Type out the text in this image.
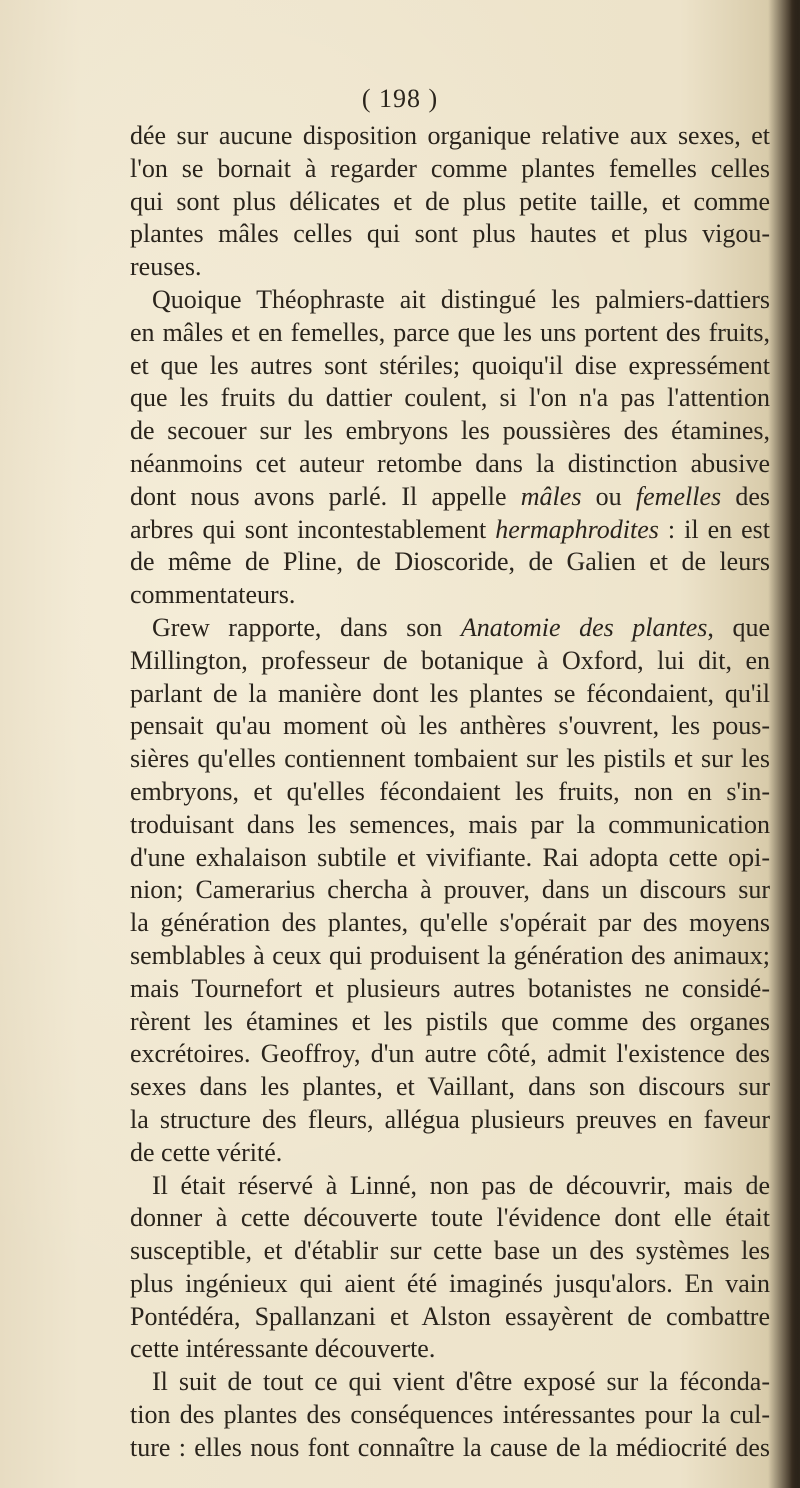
( 198 )
dée sur aucune disposition organique relative aux sexes, et
l'on se bornait à regarder comme plantes femelles celles
qui sont plus délicates et de plus petite taille, et comme
plantes mâles celles qui sont plus hautes et plus vigou-
reuses.
Quoique Théophraste ait distingué les palmiers-dattiers
en mâles et en femelles, parce que les uns portent des fruits,
et que les autres sont stériles; quoiqu'il dise expressément
que les fruits du dattier coulent, si l'on n'a pas l'attention
de secouer sur les embryons les poussières des étamines,
néanmoins cet auteur retombe dans la distinction abusive
dont nous avons parlé. Il appelle mâles ou femelles des
arbres qui sont incontestablement hermaphrodites : il en est
de même de Pline, de Dioscoride, de Galien et de leurs
commentateurs.
Grew rapporte, dans son Anatomie des plantes, que
Millington, professeur de botanique à Oxford, lui dit, en
parlant de la manière dont les plantes se fécondaient, qu'il
pensait qu'au moment où les anthères s'ouvrent, les pous-
sières qu'elles contiennent tombaient sur les pistils et sur les
embryons, et qu'elles fécondaient les fruits, non en s'in-
troduisant dans les semences, mais par la communication
d'une exhalaison subtile et vivifiante. Rai adopta cette opi-
nion; Camerarius chercha à prouver, dans un discours sur
la génération des plantes, qu'elle s'opérait par des moyens
semblables à ceux qui produisent la génération des animaux;
mais Tournefort et plusieurs autres botanistes ne considé-
rèrent les étamines et les pistils que comme des organes
excrétoires. Geoffroy, d'un autre côté, admit l'existence des
sexes dans les plantes, et Vaillant, dans son discours sur
la structure des fleurs, allégua plusieurs preuves en faveur
de cette vérité.
Il était réservé à Linné, non pas de découvrir, mais de
donner à cette découverte toute l'évidence dont elle était
susceptible, et d'établir sur cette base un des systèmes les
plus ingénieux qui aient été imaginés jusqu'alors. En vain
Pontédéra, Spallanzani et Alston essayèrent de combattre
cette intéressante découverte.
Il suit de tout ce qui vient d'être exposé sur la féconda-
tion des plantes des conséquences intéressantes pour la cul-
ture : elles nous font connaître la cause de la médiocrité des
